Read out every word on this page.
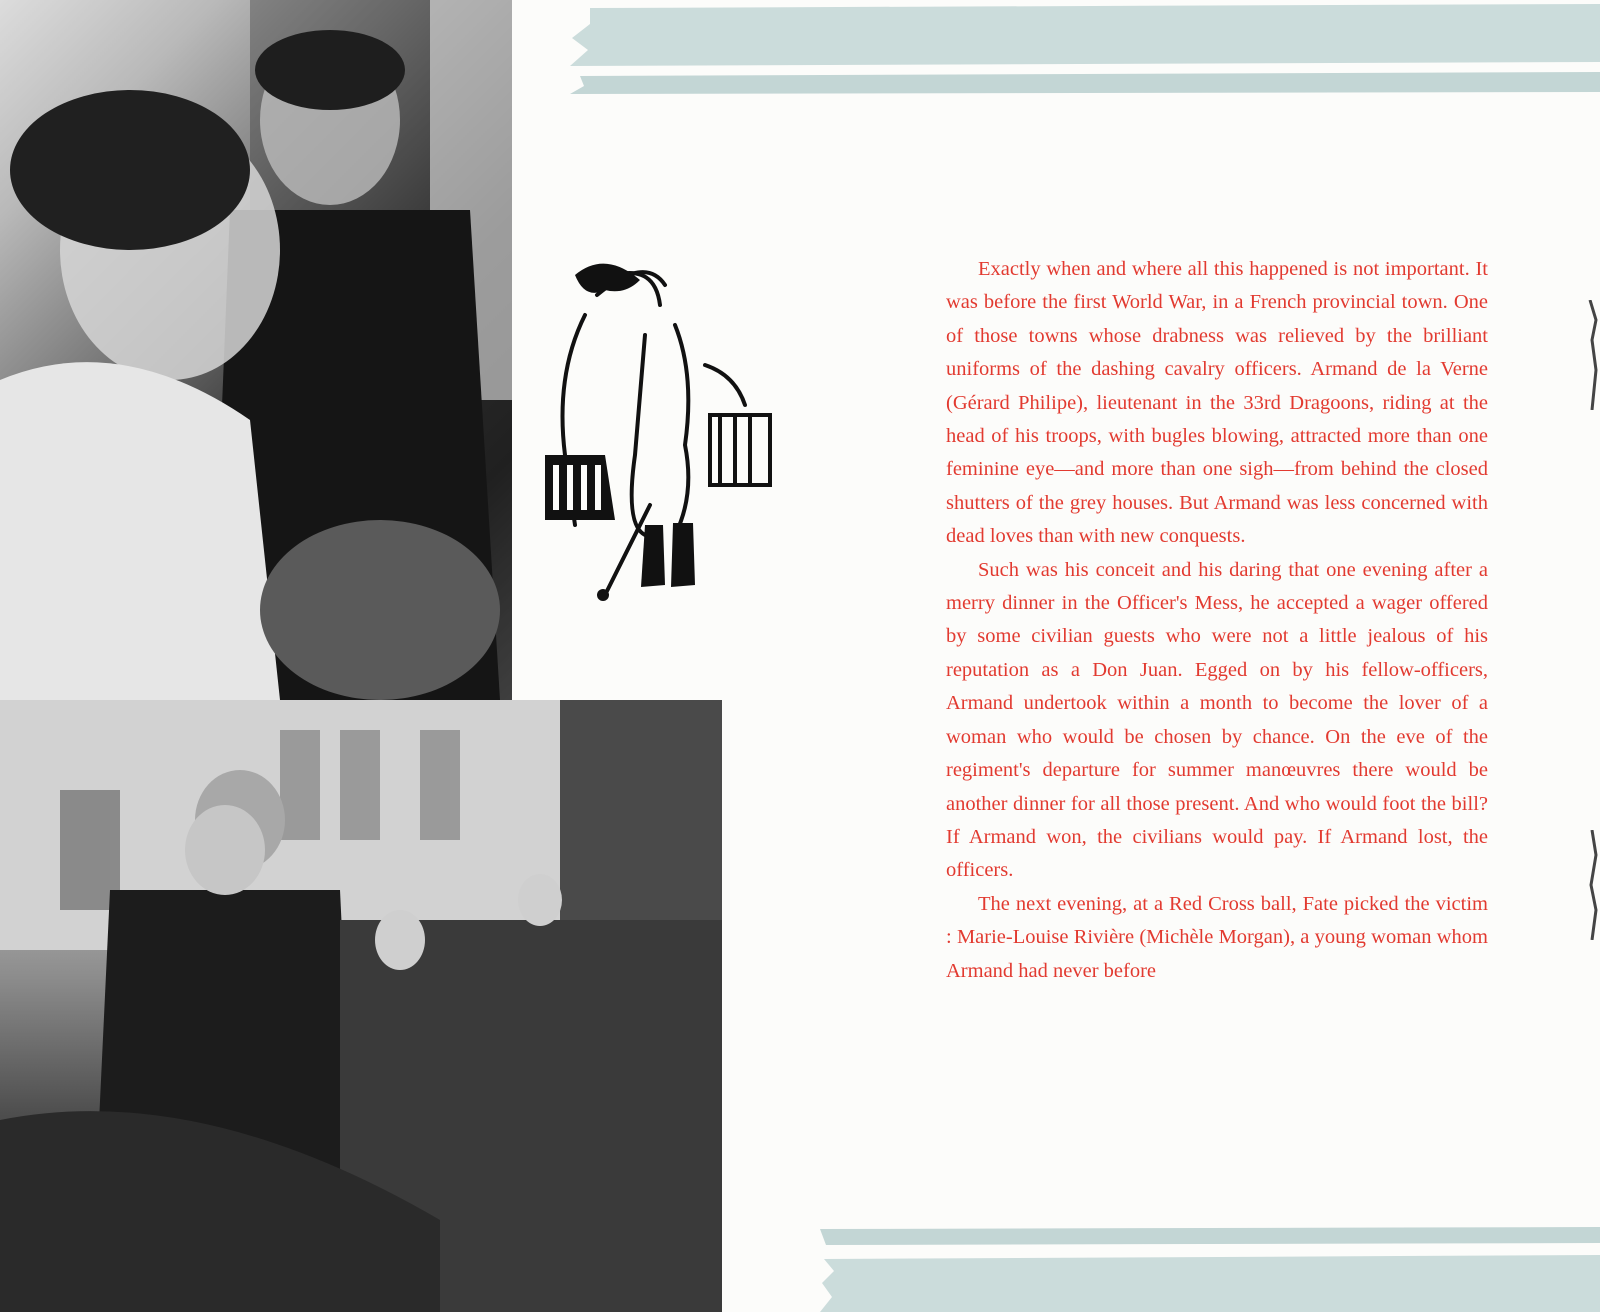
Exactly when and where all this happened is not important. It was before the first World War, in a French provincial town. One of those towns whose drabness was relieved by the brilliant uniforms of the dashing cavalry officers. Armand de la Verne (Gérard Philipe), lieutenant in the 33rd Dragoons, riding at the head of his troops, with bugles blowing, attracted more than one feminine eye—and more than one sigh—from behind the closed shutters of the grey houses. But Armand was less concerned with dead loves than with new conquests.

Such was his conceit and his daring that one evening after a merry dinner in the Officer's Mess, he accepted a wager offered by some civilian guests who were not a little jealous of his reputation as a Don Juan. Egged on by his fellow-officers, Armand undertook within a month to become the lover of a woman who would be chosen by chance. On the eve of the regiment's departure for summer manœuvres there would be another dinner for all those present. And who would foot the bill? If Armand won, the civilians would pay. If Armand lost, the officers.

The next evening, at a Red Cross ball, Fate picked the victim : Marie-Louise Rivière (Michèle Morgan), a young woman whom Armand had never before
